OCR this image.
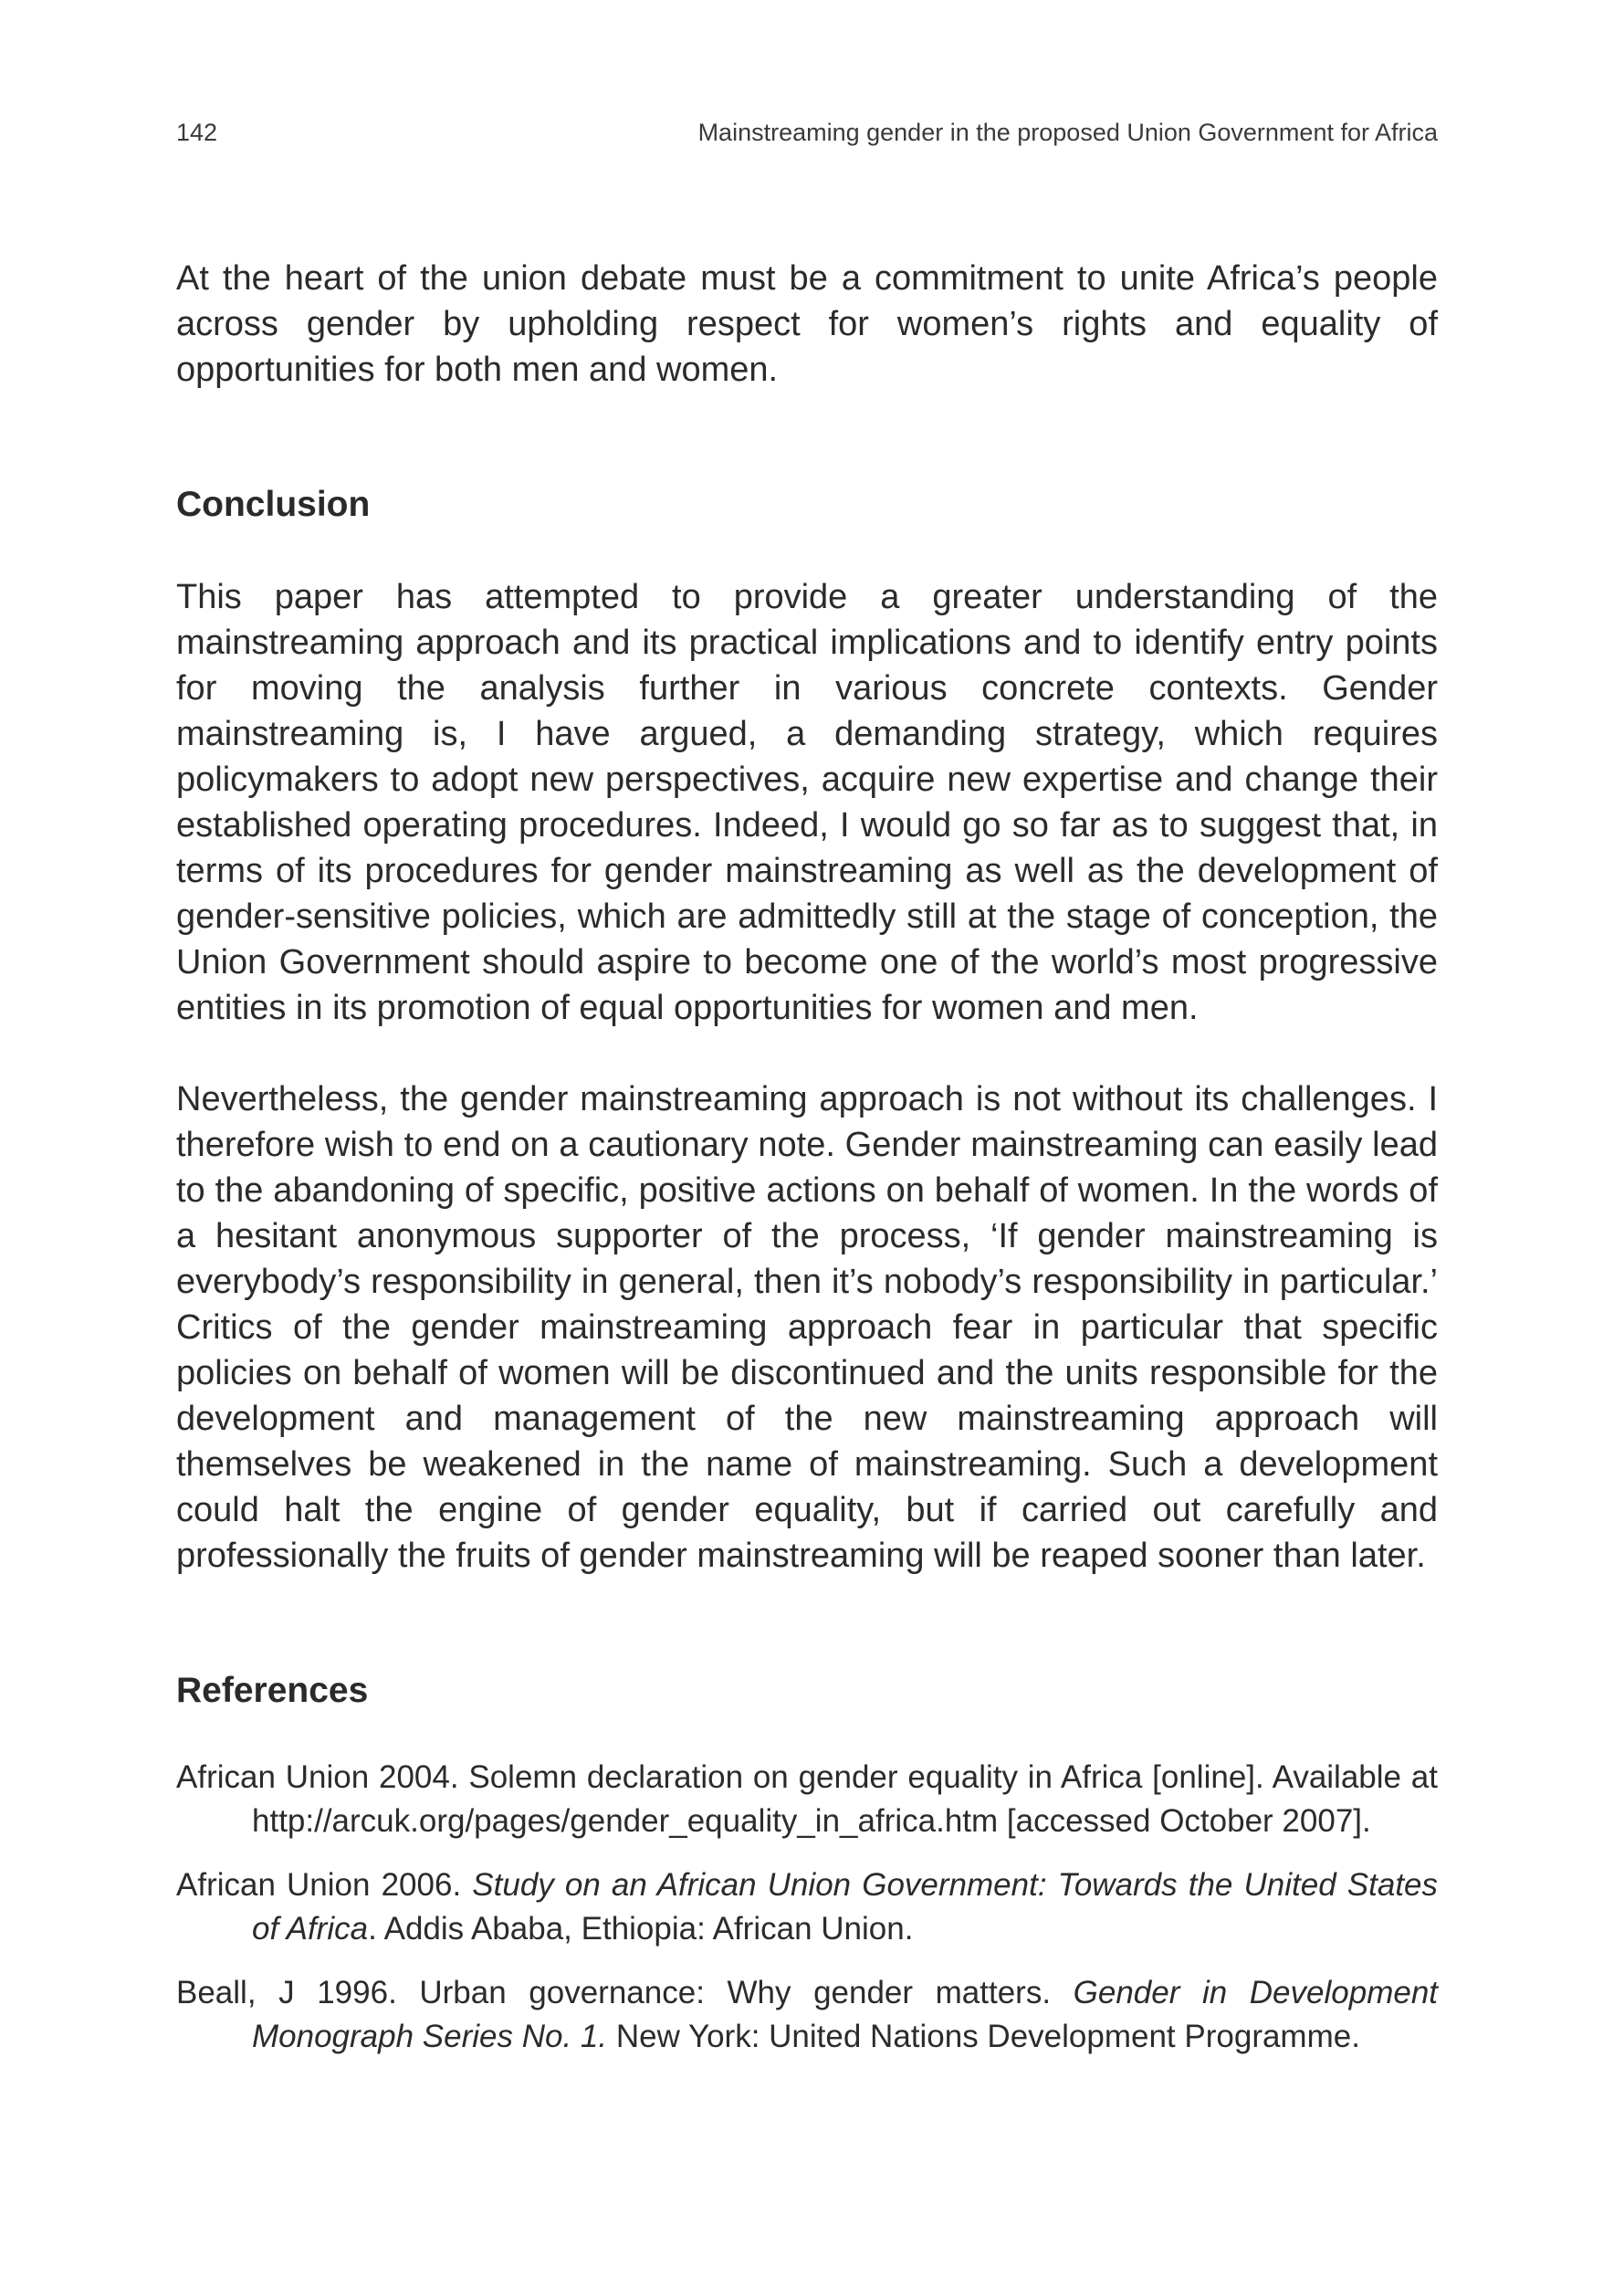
142	Mainstreaming gender in the proposed Union Government for Africa

At the heart of the union debate must be a commitment to unite Africa’s people across gender by upholding respect for women’s rights and equality of opportunities for both men and women.

Conclusion

This paper has attempted to provide a greater understanding of the mainstreaming approach and its practical implications and to identify entry points for moving the analysis further in various concrete contexts. Gender mainstreaming is, I have argued, a demanding strategy, which requires policymakers to adopt new perspectives, acquire new expertise and change their established operating procedures. Indeed, I would go so far as to suggest that, in terms of its procedures for gender mainstreaming as well as the development of gender-sensitive policies, which are admittedly still at the stage of conception, the Union Government should aspire to become one of the world’s most progressive entities in its promotion of equal opportunities for women and men.

Nevertheless, the gender mainstreaming approach is not without its challenges. I therefore wish to end on a cautionary note. Gender mainstreaming can easily lead to the abandoning of specific, positive actions on behalf of women. In the words of a hesitant anonymous supporter of the process, ‘If gender mainstreaming is everybody’s responsibility in general, then it’s nobody’s responsibility in particular.’ Critics of the gender mainstreaming approach fear in particular that specific policies on behalf of women will be discontinued and the units responsible for the development and management of the new mainstreaming approach will themselves be weakened in the name of mainstreaming. Such a development could halt the engine of gender equality, but if carried out carefully and professionally the fruits of gender mainstreaming will be reaped sooner than later.

References

African Union 2004. Solemn declaration on gender equality in Africa [online]. Available at http://arcuk.org/pages/gender_equality_in_africa.htm [accessed October 2007].

African Union 2006. Study on an African Union Government: Towards the United States of Africa. Addis Ababa, Ethiopia: African Union.

Beall, J 1996. Urban governance: Why gender matters. Gender in Development Monograph Series No. 1. New York: United Nations Development Programme.
